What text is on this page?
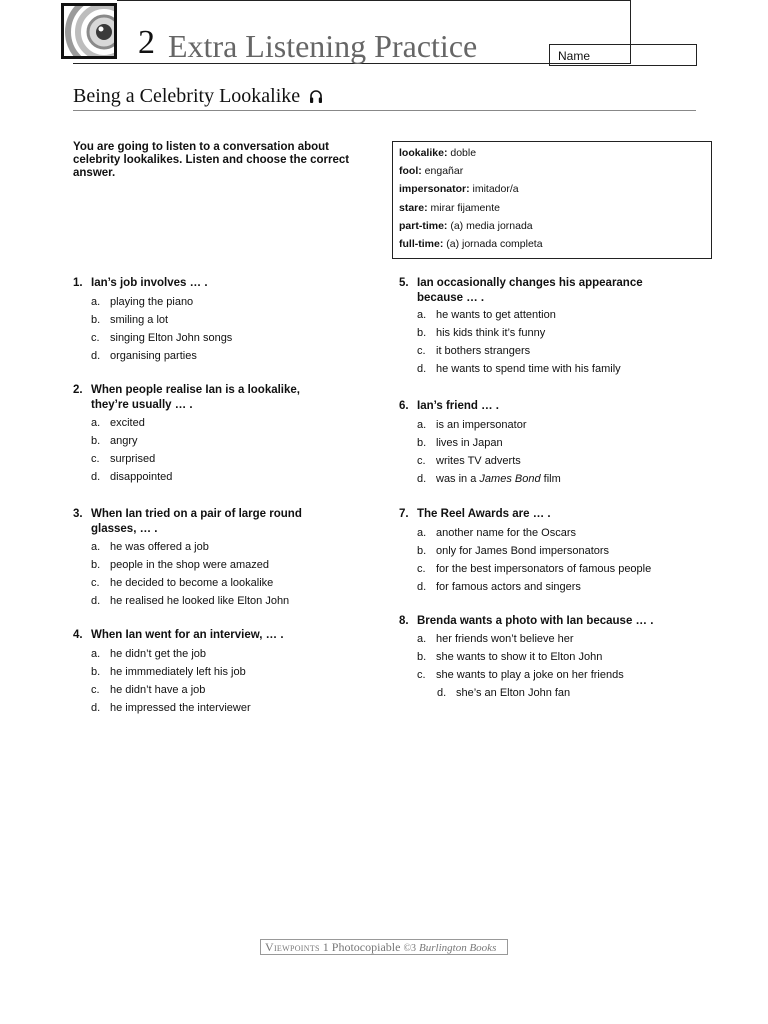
2 Extra Listening Practice	Name
Being a Celebrity Lookalike
You are going to listen to a conversation about celebrity lookalikes. Listen and choose the correct answer.
lookalike: doble
fool: engañar
impersonator: imitador/a
stare: mirar fijamente
part-time: (a) media jornada
full-time: (a) jornada completa
1. Ian’s job involves … .
a. playing the piano
b. smiling a lot
c. singing Elton John songs
d. organising parties
2. When people realise Ian is a lookalike, they’re usually … .
a. excited
b. angry
c. surprised
d. disappointed
3. When Ian tried on a pair of large round glasses, … .
a. he was offered a job
b. people in the shop were amazed
c. he decided to become a lookalike
d. he realised he looked like Elton John
4. When Ian went for an interview, … .
a. he didn’t get the job
b. he immmediately left his job
c. he didn’t have a job
d. he impressed the interviewer
5. Ian occasionally changes his appearance because … .
a. he wants to get attention
b. his kids think it’s funny
c. it bothers strangers
d. he wants to spend time with his family
6. Ian’s friend … .
a. is an impersonator
b. lives in Japan
c. writes TV adverts
d. was in a James Bond film
7. The Reel Awards are … .
a. another name for the Oscars
b. only for James Bond impersonators
c. for the best impersonators of famous people
d. for famous actors and singers
8. Brenda wants a photo with Ian because … .
a. her friends won’t believe her
b. she wants to show it to Elton John
c. she wants to play a joke on her friends
d. she’s an Elton John fan
Viewpoints 1 Photocopiable ©3 Burlington Books
